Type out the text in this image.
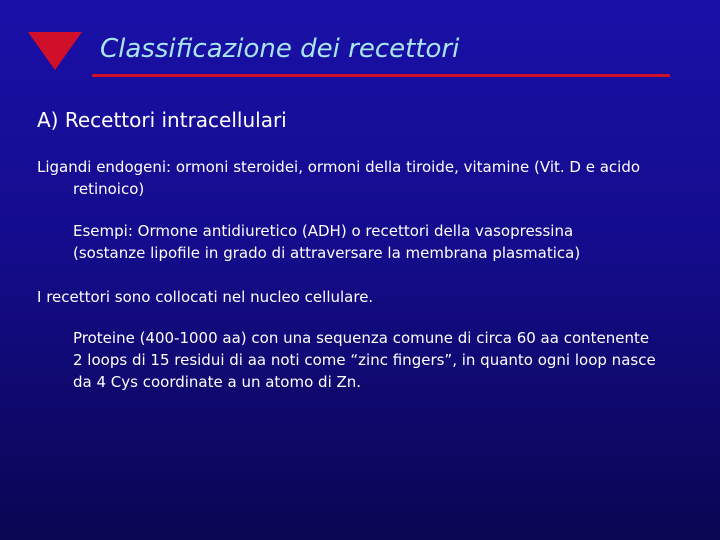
Classificazione dei recettori
A) Recettori intracellulari
Ligandi endogeni: ormoni steroidei, ormoni della tiroide, vitamine (Vit. D e acido
retinoico)
Esempi: Ormone antidiuretico (ADH) o recettori della vasopressina
(sostanze lipofile in grado di attraversare la membrana plasmatica)
I recettori sono collocati nel nucleo cellulare.
Proteine (400-1000 aa) con una sequenza comune di circa 60 aa contenente
2 loops di 15 residui di aa noti come “zinc fingers”, in quanto ogni loop nasce
da 4 Cys coordinate a un atomo di Zn.
